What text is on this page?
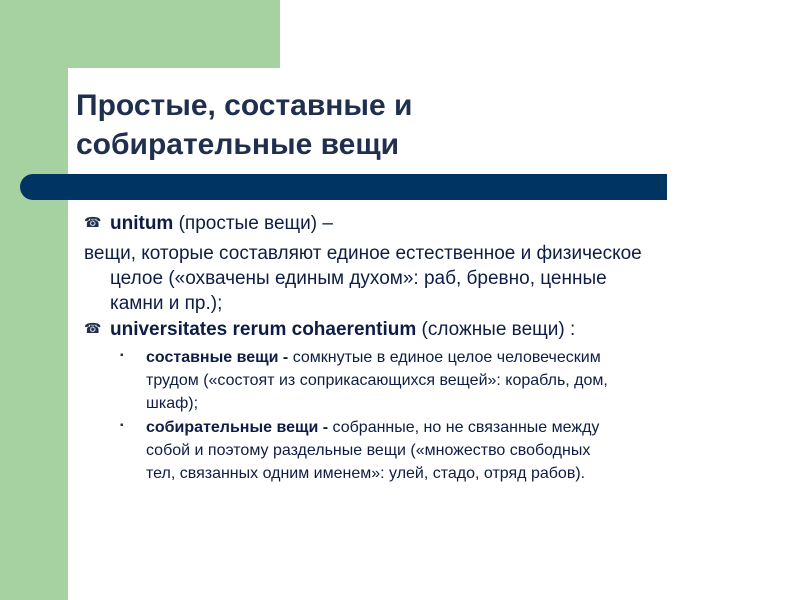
Простые, составные и
собирательные вещи
☎ unitum (простые вещи) –
вещи, которые составляют единое естественное и физическое
целое («охвачены единым духом»: раб, бревно, ценные
камни и пр.);
☎ universitates rerum cohaerentium (сложные вещи) :
▪ составные вещи - сомкнутые в единое целое человеческим
трудом («состоят из соприкасающихся вещей»: корабль, дом,
шкаф);
▪ собирательные вещи - собранные, но не связанные между
собой и поэтому раздельные вещи («множество свободных
тел, связанных одним именем»: улей, стадо, отряд рабов).
